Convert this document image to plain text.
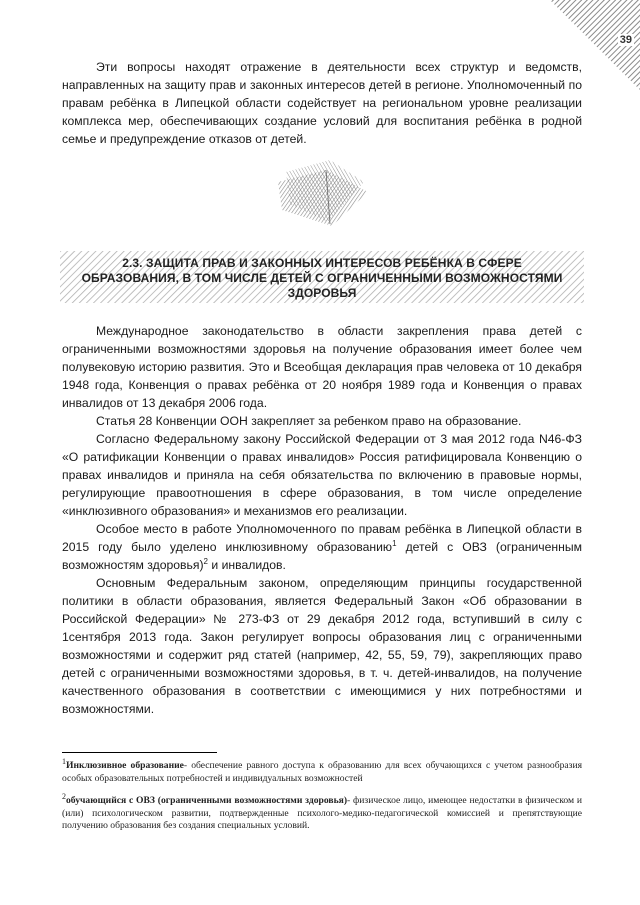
39

Эти вопросы находят отражение в деятельности всех структур и ведомств, направленных на защиту прав и законных интересов детей в регионе. Уполномоченный по правам ребёнка в Липецкой области содействует на региональном уровне реализации комплекса мер, обеспечивающих создание условий для воспитания ребёнка в родной семье и предупреждение отказов от детей.

2.3. ЗАЩИТА ПРАВ И ЗАКОННЫХ ИНТЕРЕСОВ РЕБЁНКА В СФЕРЕ
ОБРАЗОВАНИЯ, В ТОМ ЧИСЛЕ ДЕТЕЙ С ОГРАНИЧЕННЫМИ ВОЗМОЖНОСТЯМИ
ЗДОРОВЬЯ

Международное законодательство в области закрепления права детей с ограниченными возможностями здоровья на получение образования имеет более чем полувековую историю развития. Это и Всеобщая декларация прав человека от 10 декабря 1948 года, Конвенция о правах ребёнка от 20 ноября 1989 года и Конвенция о правах инвалидов от 13 декабря 2006 года.

Статья 28 Конвенции ООН закрепляет за ребенком право на образование.

Согласно Федеральному закону Российской Федерации от 3 мая 2012 года N46-ФЗ «О ратификации Конвенции о правах инвалидов» Россия ратифицировала Конвенцию о правах инвалидов и приняла на себя обязательства по включению в правовые нормы, регулирующие правоотношения в сфере образования, в том числе определение «инклюзивного образования» и механизмов его реализации.

Особое место в работе Уполномоченного по правам ребёнка в Липецкой области в 2015 году было уделено инклюзивному образованию$^1$ детей с ОВЗ (ограниченным возможностям здоровья)$^2$ и инвалидов.

Основным Федеральным законом, определяющим принципы государственной политики в области образования, является Федеральный Закон «Об образовании в Российской Федерации» № 273-ФЗ от 29 декабря 2012 года, вступивший в силу с 1сентября 2013 года. Закон регулирует вопросы образования лиц с ограниченными возможностями и содержит ряд статей (например, 42, 55, 59, 79), закрепляющих право детей с ограниченными возможностями здоровья, в т. ч. детей-инвалидов, на получение качественного образования в соответствии с имеющимися у них потребностями и возможностями.

$^1$Инклюзивное образование- обеспечение равного доступа к образованию для всех обучающихся с учетом разнообразия особых образовательных потребностей и индивидуальных возможностей

$^2$обучающийся с ОВЗ (ограниченными возможностями здоровья)- физическое лицо, имеющее недостатки в физическом и (или) психологическом развитии, подтвержденные психолого-медико-педагогической комиссией и препятствующие получению образования без создания специальных условий.
